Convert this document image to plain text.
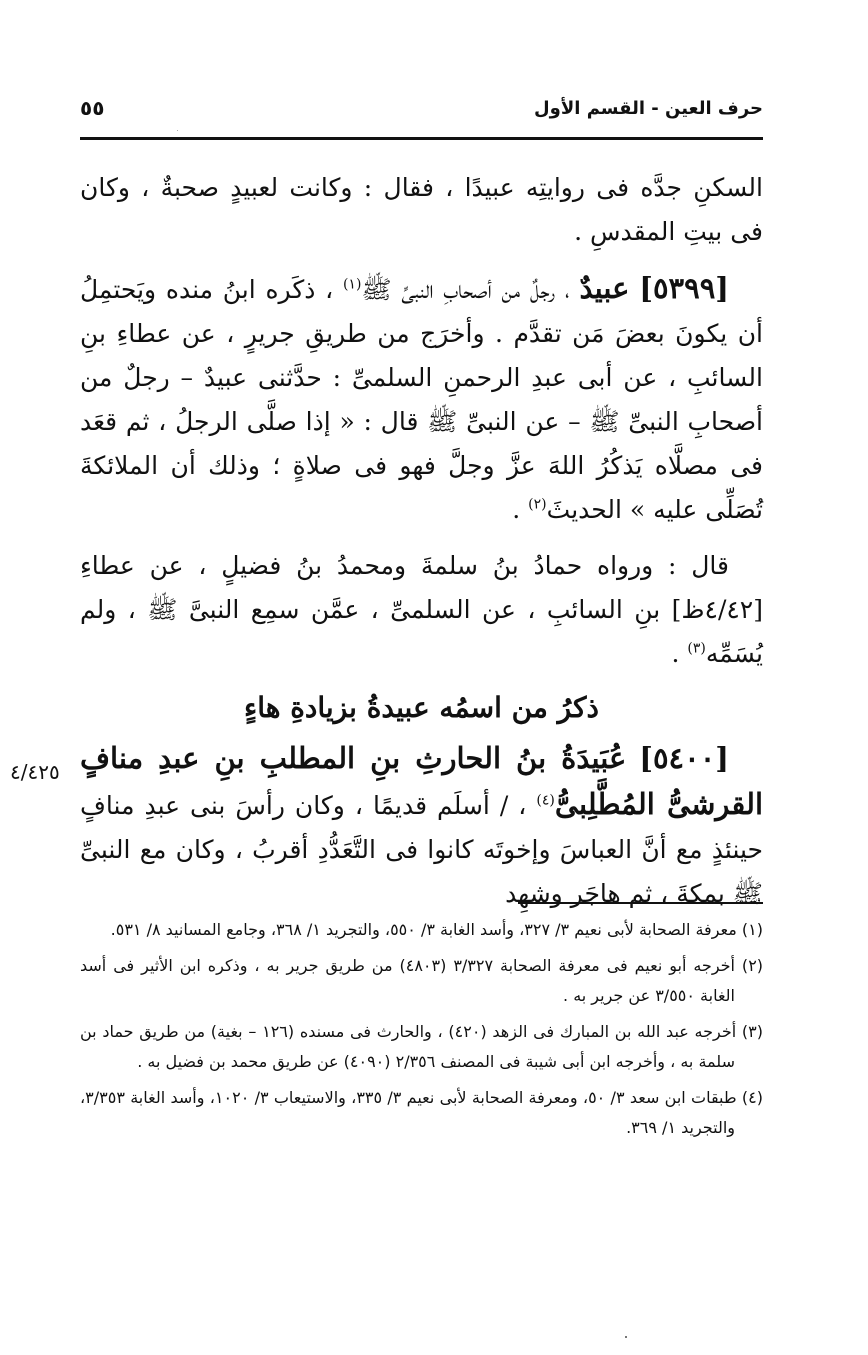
حرف العين - القسم الأول
٥٥
٤/٤٢٥

السكنِ جدَّه فى روايتِه عبيدًا ، فقال : وكانت لعبيدٍ صحبةٌ ، وكان فى بيتِ المقدسِ .

[٥٣٩٩] عبيدٌ ، رجلٌ من أصحابِ النبىِّ ﷺ$^{(١)}$ ، ذكَره ابنُ منده ويَحتمِلُ أن يكونَ بعضَ مَن تقدَّم . وأخرَج من طريقِ جريرٍ ، عن عطاءِ بنِ السائبِ ، عن أبى عبدِ الرحمنِ السلمىِّ : حدَّثنى عبيدٌ – رجلٌ من أصحابِ النبىِّ ﷺ – عن النبىِّ ﷺ قال : « إذا صلَّى الرجلُ ، ثم قعَد فى مصلَّاه يَذكُرُ اللهَ عزَّ وجلَّ فهو فى صلاةٍ ؛ وذلك أن الملائكةَ تُصَلِّى عليه » الحديثَ$^{(٢)}$ .

قال : ورواه حمادُ بنُ سلمةَ ومحمدُ بنُ فضيلٍ ، عن عطاءِ [٤/٤٢ظ] بنِ السائبِ ، عن السلمىِّ ، عمَّن سمِع النبىَّ ﷺ ، ولم يُسَمِّه$^{(٣)}$ .

ذكرُ من اسمُه عبيدةُ بزيادةِ هاءٍ

[٥٤٠٠] عُبَيدَةُ بنُ الحارثِ بنِ المطلبِ بنِ عبدِ منافٍ القرشىُّ المُطَّلِبىُّ$^{(٤)}$ ، / أسلَم قديمًا ، وكان رأسَ بنى عبدِ منافٍ حينئذٍ مع أنَّ العباسَ وإخوتَه كانوا فى التَّعَدُّدِ أقربُ ، وكان مع النبىِّ ﷺ بمكةَ ، ثم هاجَر وشهِد

(١) معرفة الصحابة لأبى نعيم ٣/ ٣٢٧، وأسد الغابة ٣/ ٥٥٠، والتجريد ١/ ٣٦٨، وجامع المسانيد ٨/ ٥٣١.

(٢) أخرجه أبو نعيم فى معرفة الصحابة ٣/٣٢٧ (٤٨٠٣) من طريق جرير به ، وذكره ابن الأثير فى أسد الغابة ٣/٥٥٠ عن جرير به .

(٣) أخرجه عبد الله بن المبارك فى الزهد (٤٢٠) ، والحارث فى مسنده (١٢٦ – بغية) من طريق حماد بن سلمة به ، وأخرجه ابن أبى شيبة فى المصنف ٢/٣٥٦ (٤٠٩٠) عن طريق محمد بن فضيل به .

(٤) طبقات ابن سعد ٣/ ٥٠، ومعرفة الصحابة لأبى نعيم ٣/ ٣٣٥، والاستيعاب ٣/ ١٠٢٠، وأسد الغابة ٣/٣٥٣، والتجريد ١/ ٣٦٩.
